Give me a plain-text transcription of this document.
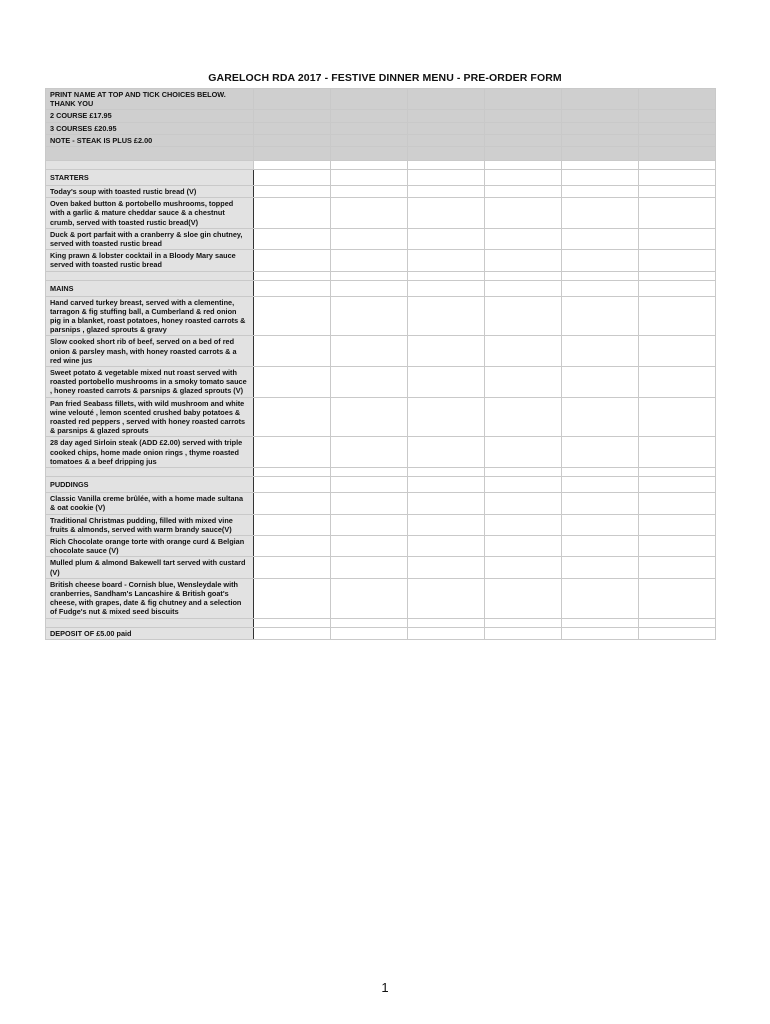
GARELOCH RDA 2017 - FESTIVE DINNER MENU - PRE-ORDER FORM
PRINT NAME AT TOP AND TICK CHOICES BELOW. THANK YOU						
2 COURSE £17.95						
3 COURSES £20.95						
NOTE - STEAK IS PLUS £2.00						

STARTERS						
Today's soup with toasted rustic bread (V)						
Oven baked button & portobello mushrooms, topped with a garlic & mature cheddar sauce & a chestnut crumb, served with toasted rustic bread(V)						
Duck & port parfait with a cranberry & sloe gin chutney, served with toasted rustic bread						
King prawn & lobster cocktail in a Bloody Mary sauce served with toasted rustic bread						

MAINS						
Hand carved turkey breast, served with a clementine, tarragon & fig stuffing ball, a Cumberland & red onion pig in a blanket, roast potatoes, honey roasted carrots & parsnips , glazed sprouts & gravy						
Slow cooked short rib of beef, served on a bed of red onion & parsley mash, with honey roasted carrots & a red wine jus						
Sweet potato & vegetable mixed nut roast served with roasted portobello mushrooms in a smoky tomato sauce , honey roasted carrots & parsnips & glazed sprouts (V)						
Pan fried Seabass fillets, with wild mushroom and white wine velouté , lemon scented crushed baby potatoes & roasted red peppers , served with honey roasted carrots & parsnips & glazed sprouts						
28 day aged Sirloin steak (ADD £2.00) served with triple cooked chips, home made onion rings , thyme roasted tomatoes & a beef dripping jus						

PUDDINGS						
Classic Vanilla creme brûlée, with a home made sultana & oat cookie (V)						
Traditional Christmas pudding, filled with mixed vine fruits & almonds, served with warm brandy sauce(V)						
Rich Chocolate orange torte with orange curd & Belgian chocolate sauce (V)						
Mulled plum & almond Bakewell tart served with custard (V)						
British cheese board - Cornish blue, Wensleydale with cranberries, Sandham's Lancashire & British goat's cheese, with grapes, date & fig chutney and a selection of Fudge's nut & mixed seed biscuits						

DEPOSIT OF £5.00 paid						
1
